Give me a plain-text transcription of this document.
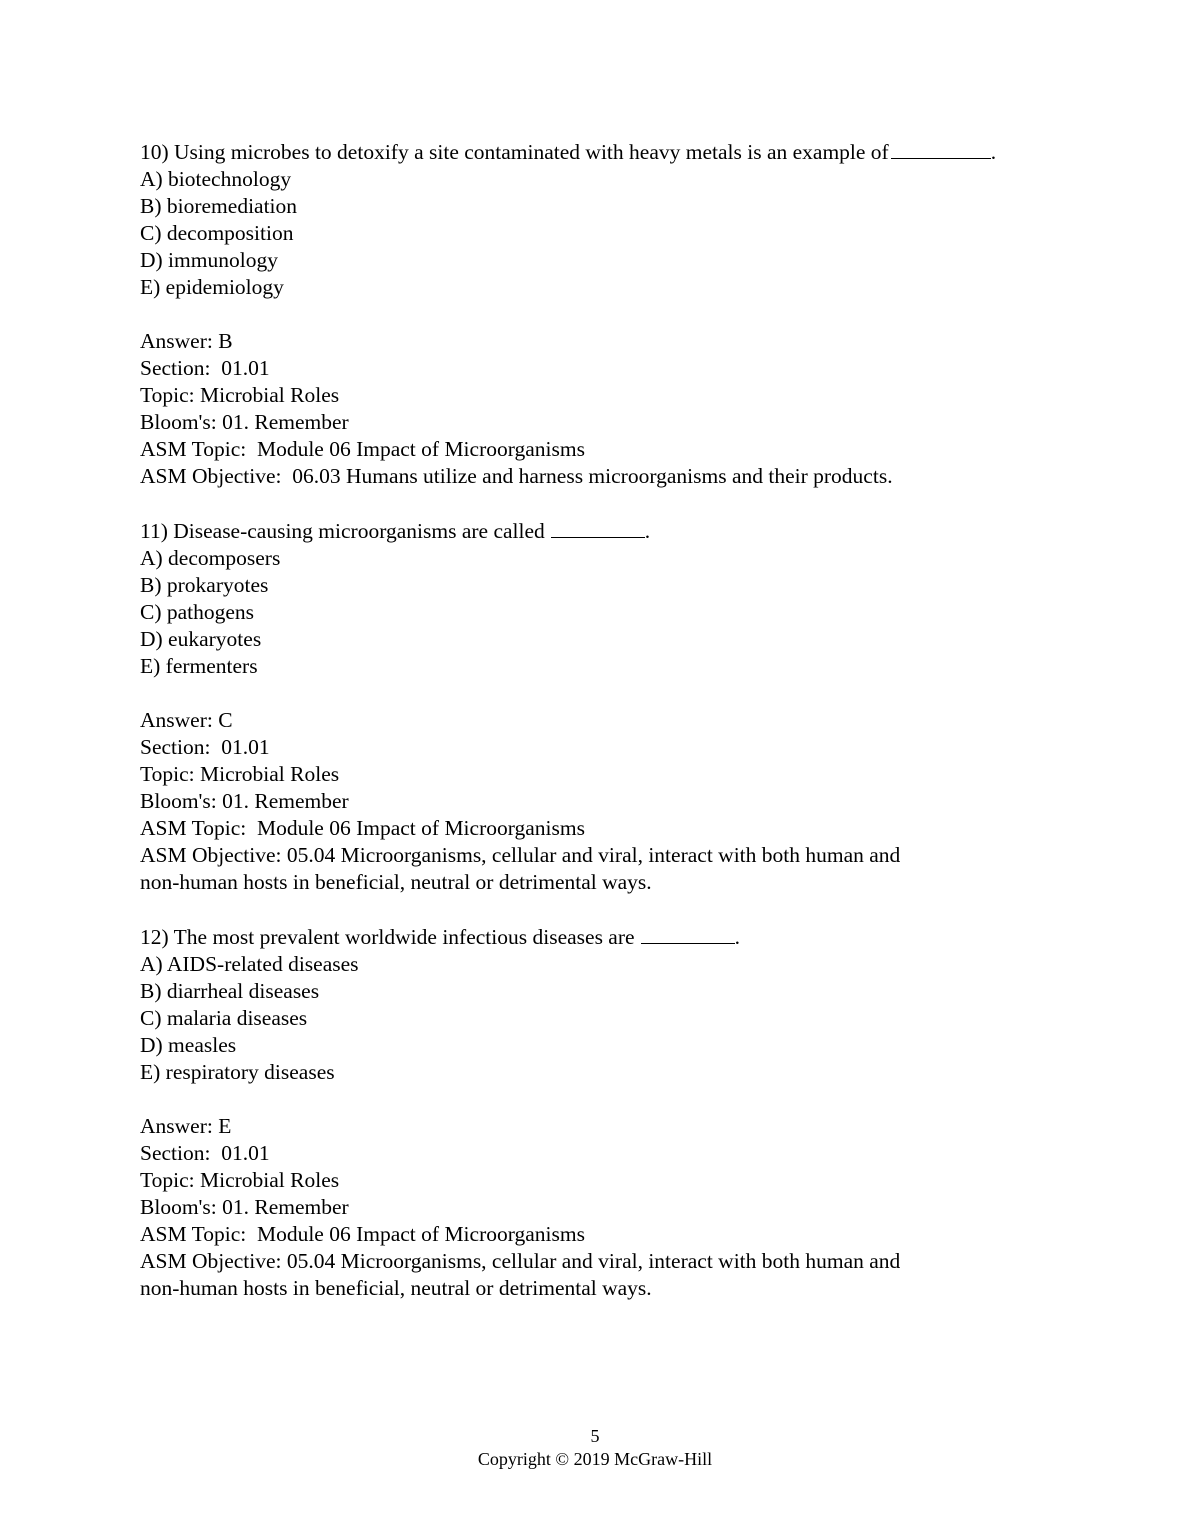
10) Using microbes to detoxify a site contaminated with heavy metals is an example of	.
A) biotechnology
B) bioremediation
C) decomposition
D) immunology
E) epidemiology
Answer: B
Section:  01.01
Topic: Microbial Roles
Bloom's: 01. Remember
ASM Topic:  Module 06 Impact of Microorganisms
ASM Objective:  06.03 Humans utilize and harness microorganisms and their products.
11) Disease-causing microorganisms are called	.
A) decomposers
B) prokaryotes
C) pathogens
D) eukaryotes
E) fermenters
Answer: C
Section:  01.01
Topic: Microbial Roles
Bloom's: 01. Remember
ASM Topic:  Module 06 Impact of Microorganisms
ASM Objective: 05.04 Microorganisms, cellular and viral, interact with both human and
non-human hosts in beneficial, neutral or detrimental ways.
12) The most prevalent worldwide infectious diseases are	.
A) AIDS-related diseases
B) diarrheal diseases
C) malaria diseases
D) measles
E) respiratory diseases
Answer: E
Section:  01.01
Topic: Microbial Roles
Bloom's: 01. Remember
ASM Topic:  Module 06 Impact of Microorganisms
ASM Objective: 05.04 Microorganisms, cellular and viral, interact with both human and
non-human hosts in beneficial, neutral or detrimental ways.
5
Copyright © 2019 McGraw-Hill
